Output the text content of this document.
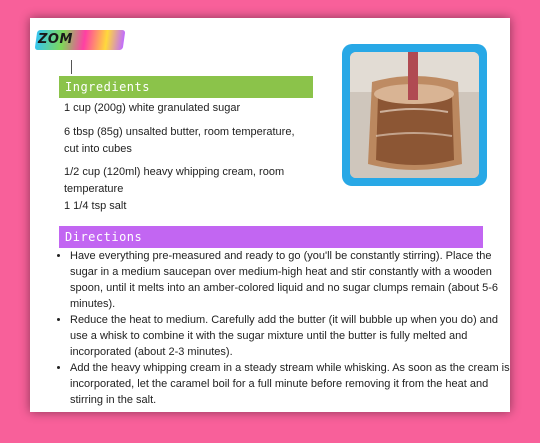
ZOM
Ingredients
1 cup (200g) white granulated sugar
6 tbsp (85g) unsalted butter, room temperature, cut into cubes
1/2 cup (120ml) heavy whipping cream, room temperature
1 1/4 tsp salt
Directions
• Have everything pre-measured and ready to go (you'll be constantly stirring). Place the sugar in a medium saucepan over medium-high heat and stir constantly with a wooden spoon, until it melts into an amber-colored liquid and no sugar clumps remain (about 5-6 minutes).
• Reduce the heat to medium. Carefully add the butter (it will bubble up when you do) and use a whisk to combine it with the sugar mixture until the butter is fully melted and incorporated (about 2-3 minutes).
• Add the heavy whipping cream in a steady stream while whisking. As soon as the cream is incorporated, let the caramel boil for a full minute before removing it from the heat and stirring in the salt.
